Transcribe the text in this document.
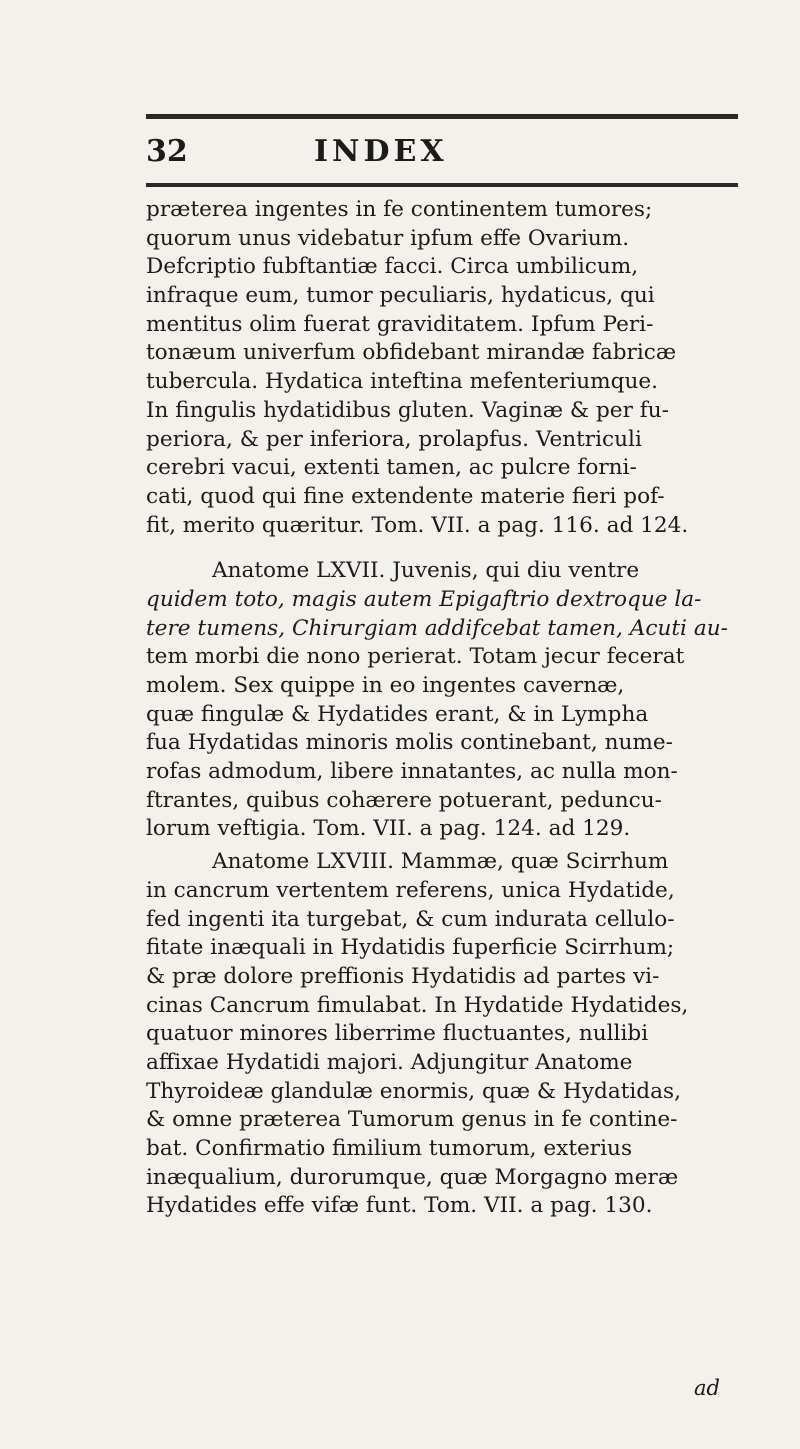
32	INDEX
præterea ingentes in fe continentem tumores;
quorum unus videbatur ipfum effe Ovarium.
Defcriptio fubftantiæ facci. Circa umbilicum,
infraque eum, tumor peculiaris, hydaticus, qui
mentitus olim fuerat graviditatem. Ipfum Peri-
tonæum univerfum obfidebant mirandæ fabricæ
tubercula. Hydatica inteftina mefenteriumque.
In fingulis hydatidibus gluten. Vaginæ & per fu-
periora, & per inferiora, prolapfus. Ventriculi
cerebri vacui, extenti tamen, ac pulcre forni-
cati, quod qui fine extendente materie fieri pof-
fit, merito quæritur. Tom. VII. a pag. 116. ad 124.
Anatome LXVII. Juvenis, qui diu ventre
quidem toto, magis autem Epigaftrio dextroque la-
tere tumens, Chirurgiam addifcebat tamen, Acuti au-
tem morbi die nono perierat. Totam jecur fecerat
molem. Sex quippe in eo ingentes cavernæ,
quæ fingulæ & Hydatides erant, & in Lympha
fua Hydatidas minoris molis continebant, nume-
rofas admodum, libere innatantes, ac nulla mon-
ftrantes, quibus cohærere potuerant, peduncu-
lorum veftigia. Tom. VII. a pag. 124. ad 129.
Anatome LXVIII. Mammæ, quæ Scirrhum
in cancrum vertentem referens, unica Hydatide,
fed ingenti ita turgebat, & cum indurata cellulo-
fitate inæquali in Hydatidis fuperficie Scirrhum;
& præ dolore preffionis Hydatidis ad partes vi-
cinas Cancrum fimulabat. In Hydatide Hydatides,
quatuor minores liberrime fluctuantes, nullibi
affixae Hydatidi majori. Adjungitur Anatome
Thyroideæ glandulæ enormis, quæ & Hydatidas,
& omne præterea Tumorum genus in fe contine-
bat. Confirmatio fimilium tumorum, exterius
inæqualium, durorumque, quæ Morgagno meræ
Hydatides effe vifæ funt. Tom. VII. a pag. 130.
ad
